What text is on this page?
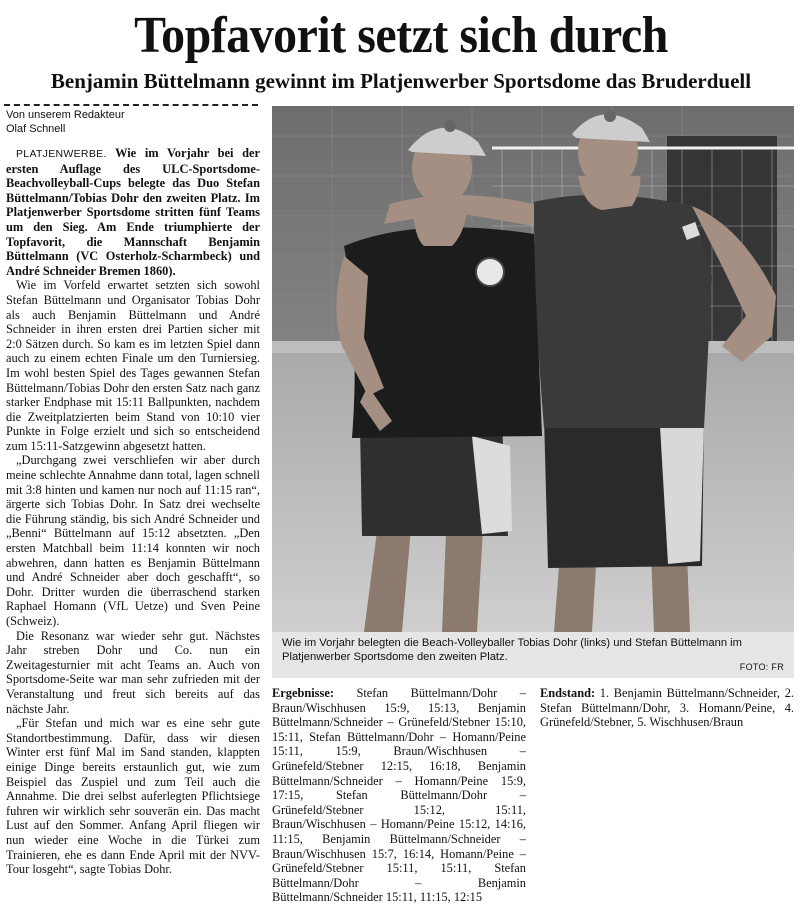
Topfavorit setzt sich durch
Benjamin Büttelmann gewinnt im Platjenwerber Sportsdome das Bruderduell
Von unserem Redakteur
Olaf Schnell

PLATJENWERBE. Wie im Vorjahr bei der ersten Auflage des ULC-Sportsdome-Beachvolleyball-Cups belegte das Duo Stefan Büttelmann/Tobias Dohr den zweiten Platz. Im Platjenwerber Sportsdome stritten fünf Teams um den Sieg. Am Ende triumphierte der Topfavorit, die Mannschaft Benjamin Büttelmann (VC Osterholz-Scharmbeck) und André Schneider Bremen 1860).

Wie im Vorfeld erwartet setzten sich sowohl Stefan Büttelmann und Organisator Tobias Dohr als auch Benjamin Büttelmann und André Schneider in ihren ersten drei Partien sicher mit 2:0 Sätzen durch. So kam es im letzten Spiel dann auch zu einem echten Finale um den Turniersieg. Im wohl besten Spiel des Tages gewannen Stefan Büttelmann/Tobias Dohr den ersten Satz nach ganz starker Endphase mit 15:11 Ballpunkten, nachdem die Zweitplatzierten beim Stand von 10:10 vier Punkte in Folge erzielt und sich so entscheidend zum 15:11-Satzgewinn abgesetzt hatten.

„Durchgang zwei verschliefen wir aber durch meine schlechte Annahme dann total, lagen schnell mit 3:8 hinten und kamen nur noch auf 11:15 ran“, ärgerte sich Tobias Dohr. In Satz drei wechselte die Führung ständig, bis sich André Schneider und „Benni“ Büttelmann auf 15:12 absetzten. „Den ersten Matchball beim 11:14 konnten wir noch abwehren, dann hatten es Benjamin Büttelmann und André Schneider aber doch geschafft“, so Dohr. Dritter wurden die überraschend starken Raphael Homann (VfL Uetze) und Sven Peine (Schweiz).

Die Resonanz war wieder sehr gut. Nächstes Jahr streben Dohr und Co. nun ein Zweitagesturnier mit acht Teams an. Auch von Sportsdome-Seite war man sehr zufrieden mit der Veranstaltung und freut sich bereits auf das nächste Jahr.

„Für Stefan und mich war es eine sehr gute Standortbestimmung. Dafür, dass wir diesen Winter erst fünf Mal im Sand standen, klappten einige Dinge bereits erstaunlich gut, wie zum Beispiel das Zuspiel und zum Teil auch die Annahme. Die drei selbst auferlegten Pflichtsiege fuhren wir wirklich sehr souverän ein. Das macht Lust auf den Sommer. Anfang April fliegen wir nun wieder eine Woche in die Türkei zum Trainieren, ehe es dann Ende April mit der NVV-Tour losgeht“, sagte Tobias Dohr.

Wie im Vorjahr belegten die Beach-Volleyballer Tobias Dohr (links) und Stefan Büttelmann im Platjenwerber Sportsdome den zweiten Platz.
FOTO: FR

Ergebnisse: Stefan Büttelmann/Dohr – Braun/Wischhusen 15:9, 15:13, Benjamin Büttelmann/Schneider – Grünefeld/Stebner 15:10, 15:11, Stefan Büttelmann/Dohr – Homann/Peine 15:11, 15:9, Braun/Wischhusen – Grünefeld/Stebner 12:15, 16:18, Benjamin Büttelmann/Schneider – Homann/Peine 15:9, 17:15, Stefan Büttelmann/Dohr – Grünefeld/Stebner 15:12, 15:11, Braun/Wischhusen – Homann/Peine 15:12, 14:16, 11:15, Benjamin Büttelmann/Schneider – Braun/Wischhusen 15:7, 16:14, Homann/Peine – Grünefeld/Stebner 15:11, 15:11, Stefan Büttelmann/Dohr – Benjamin Büttelmann/Schneider 15:11, 11:15, 12:15

Endstand: 1. Benjamin Büttelmann/Schneider, 2. Stefan Büttelmann/Dohr, 3. Homann/Peine, 4. Grünefeld/Stebner, 5. Wischhusen/Braun
